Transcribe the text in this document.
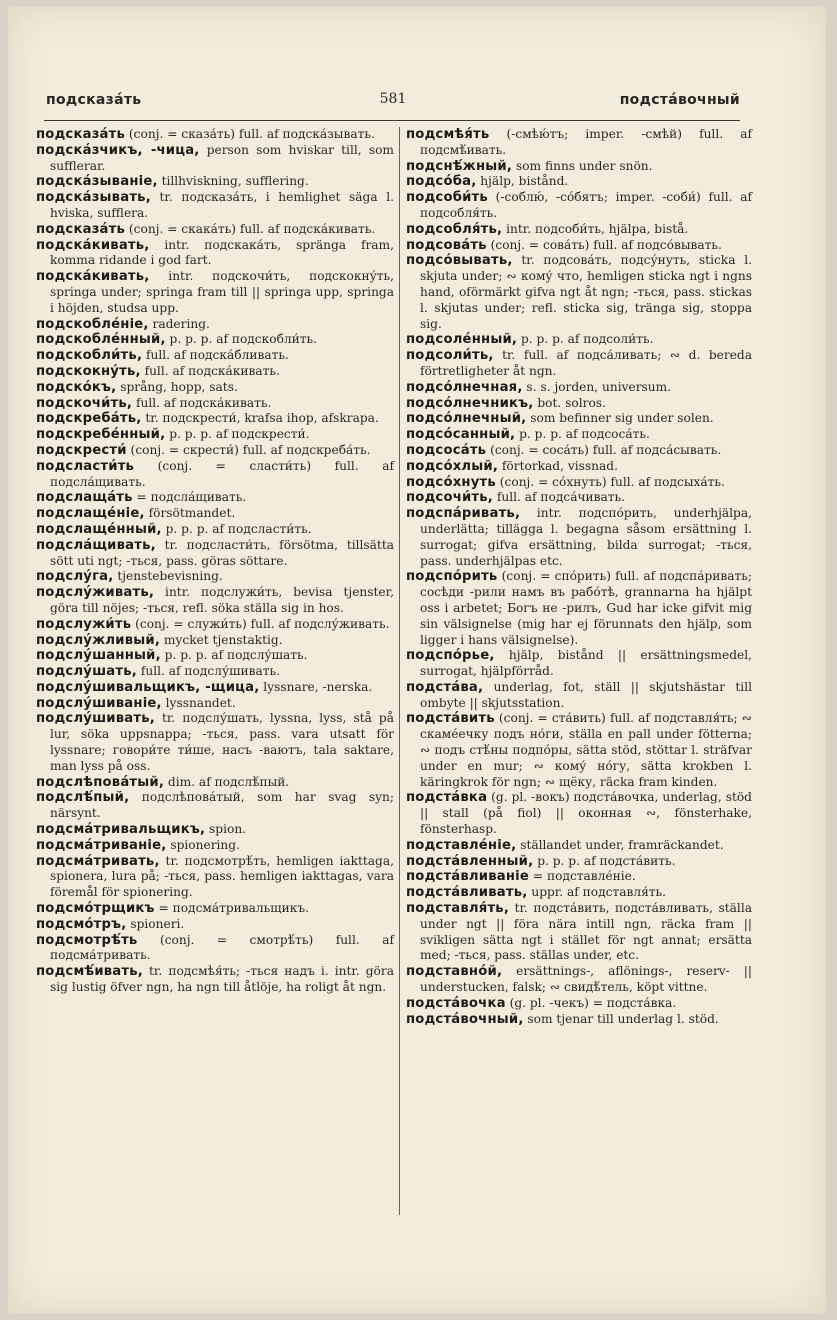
подсказа́ть	581	подста́вочный

подсказа́ть (conj. = сказа́ть) full. af подска́зывать.

подска́зчикъ, -чица, person som hviskar till, som sufflerar.

подска́зываніе, tillhviskning, sufflering.

подска́зывать, tr. подсказа́ть, i hemlighet säga l. hviska, sufflera.

подсказа́ть (conj. = скака́ть) full. af подска́кивать.

подска́кивать, intr. подскака́ть, spränga fram, komma ridande i god fart.

подска́кивать, intr. подскочи́ть, подскокну́ть, springa under; springa fram till || springa upp, springa i höjden, studsa upp.

подскобле́ніе, radering.

подскобле́нный, p. p. p. af подскобли́ть.

подскобли́ть, full. af подска́бливать.

подскокну́ть, full. af подска́кивать.

подско́къ, språng, hopp, sats.

подскочи́ть, full. af подска́кивать.

подскреба́ть, tr. подскрести́, krafsa ihop, afskrapa.

подскребе́нный, p. p. p. af подскрести́.

подскрести́ (conj. = скрести́) full. af подскреба́ть.

подсласти́ть (conj. = сласти́ть) full. af подсла́щивать.

подслаща́ть = подсла́щивать.

подслаще́ніе, försötmandet.

подслаще́нный, p. p. p. af подсласти́ть.

подсла́щивать, tr. подсласти́ть, försötma, tillsätta sött uti ngt; -ться, pass. göras söttare.

подслу́га, tjenstebevisning.

подслу́живать, intr. подслужи́ть, bevisa tjenster, göra till nöjes; -ться, refl. söka ställa sig in hos.

подслужи́ть (conj. = служи́ть) full. af подслу́живать.

подслу́жливый, mycket tjenstaktig.

подслу́шанный, p. p. p. af подслу́шать.

подслу́шать, full. af подслу́шивать.

подслу́шивальщикъ, -щица, lyssnare, -nerska.

подслу́шиваніе, lyssnandet.

подслу́шивать, tr. подслу́шать, lyssna, lyss, stå på lur, söka uppsnappa; -ться, pass. vara utsatt för lyssnare; говори́те ти́ше, насъ -ваютъ, tala saktare, man lyss på oss.

подслѣпова́тый, dim. af подслѣ́пый.

подслѣ́пый, подслѣпова́тый, som har svag syn; närsynt.

подсма́тривальщикъ, spion.

подсма́триваніе, spionering.

подсма́тривать, tr. подсмотрѣ́ть, hemligen iakttaga, spionera, lura på; -ться, pass. hemligen iakttagas, vara föremål för spionering.

подсмо́трщикъ = подсма́тривальщикъ.

подсмо́тръ, spioneri.

подсмотрѣ́ть (conj. = смотрѣ́ть) full. af подсма́тривать.

подсмѣ́ивать, tr. подсмѣя́ть; -ться надъ i. intr. göra sig lustig öfver ngn, ha ngn till åtlöje, ha roligt åt ngn.

подсмѣя́ть (-смѣю́тъ; imper. -смѣй) full. af подсмѣ́ивать.

подснѣ́жный, som finns under snön.

подсо́ба, hjälp, bistånd.

подсоби́ть (-соблю́, -со́бятъ; imper. -соби́) full. af подсобля́ть.

подсобля́ть, intr. подсоби́ть, hjälpa, bistå.

подсова́ть (conj. = сова́ть) full. af подсо́вывать.

подсо́вывать, tr. подсова́ть, подсу́нуть, sticka l. skjuta under; ∾ кому́ что, hemligen sticka ngt i ngns hand, oförmärkt gifva ngt åt ngn; -ться, pass. stickas l. skjutas under; refl. sticka sig, tränga sig, stoppa sig.

подсоле́нный, p. p. p. af подсоли́ть.

подсоли́ть, tr. full. af подса́ливать; ∾ d. bereda förtretligheter åt ngn.

подсо́лнечная, s. s. jorden, universum.

подсо́лнечникъ, bot. solros.

подсо́лнечный, som befinner sig under solen.

подсо́санный, p. p. p. af подсоса́ть.

подсоса́ть (conj. = соса́ть) full. af подса́сывать.

подсо́хлый, förtorkad, vissnad.

подсо́хнуть (conj. = со́хнуть) full. af подсыха́ть.

подсочи́ть, full. af подса́чивать.

подспа́ривать, intr. подспо́рить, underhjälpa, underlätta; tillägga l. begagna såsom ersättning l. surrogat; gifva ersättning, bilda surrogat; -ться, pass. underhjälpas etc.

подспо́рить (conj. = спо́рить) full. af подспа́ривать; сосѣди -рили намъ въ рабо́тѣ, grannarna ha hjälpt oss i arbetet; Богъ не -рилъ, Gud har icke gifvit mig sin välsignelse (mig har ej förunnats den hjälp, som ligger i hans välsignelse).

подспо́рье, hjälp, bistånd || ersättningsmedel, surrogat, hjälpförråd.

подста́ва, underlag, fot, ställ || skjutshästar till ombyte || skjutsstation.

подста́вить (conj. = ста́вить) full. af подставля́ть; ∾ скаме́ечку подъ но́ги, ställa en pall under fötterna; ∾ подъ стѣ́ны подпо́ры, sätta stöd, stöttar l. sträfvar under en mur; ∾ кому́ но́гу, sätta krokben l. käringkrok för ngn; ∾ щёку, räcka fram kinden.

подста́вка (g. pl. -вокъ) подста́вочка, underlag, stöd || stall (på fiol) || оконная ∾, fönsterhake, fönsterhasp.

подставле́ніе, ställandet under, framräckandet.

подста́вленный, p. p. p. af подста́вить.

подста́вливаніе = подставле́ніе.

подста́вливать, uppr. af подставля́ть.

подставля́ть, tr. подста́вить, подста́вливать, ställa under ngt || föra nära intill ngn, räcka fram || svikligen sätta ngt i stället för ngt annat; ersätta med; -ться, pass. ställas under, etc.

подставно́й, ersättnings-, aflönings-, reserv- || understucken, falsk; ∾ свидѣ́тель, köpt vittne.

подста́вочка (g. pl. -чекъ) = подста́вка.

подста́вочный, som tjenar till underlag l. stöd.
